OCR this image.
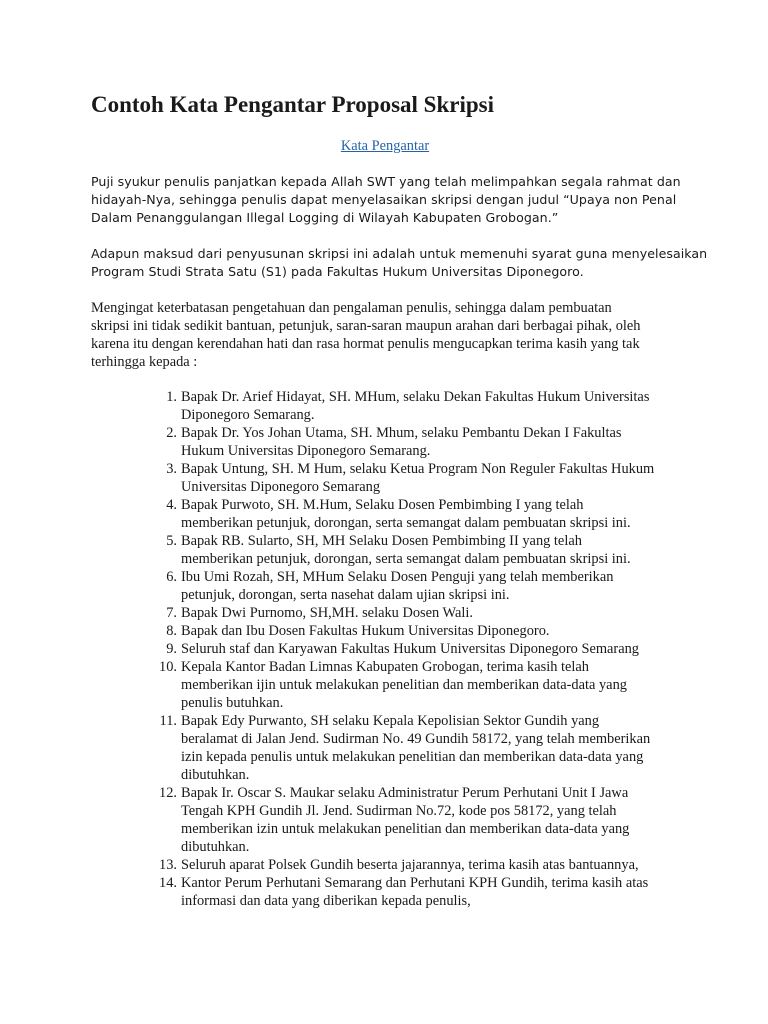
Contoh Kata Pengantar Proposal Skripsi
Kata Pengantar

Puji syukur penulis panjatkan kepada Allah SWT yang telah melimpahkan segala rahmat dan
hidayah-Nya, sehingga penulis dapat menyelasaikan skripsi dengan judul “Upaya non Penal
Dalam Penanggulangan Illegal Logging di Wilayah Kabupaten Grobogan.”

Adapun maksud dari penyusunan skripsi ini adalah untuk memenuhi syarat guna menyelesaikan
Program Studi Strata Satu (S1) pada Fakultas Hukum Universitas Diponegoro.

Mengingat keterbatasan pengetahuan dan pengalaman penulis, sehingga dalam pembuatan
skripsi ini tidak sedikit bantuan, petunjuk, saran-saran maupun arahan dari berbagai pihak, oleh
karena itu dengan kerendahan hati dan rasa hormat penulis mengucapkan terima kasih yang tak
terhingga kepada :

1. Bapak Dr. Arief Hidayat, SH. MHum, selaku Dekan Fakultas Hukum Universitas
Diponegoro Semarang.
2. Bapak Dr. Yos Johan Utama, SH. Mhum, selaku Pembantu Dekan I Fakultas
Hukum Universitas Diponegoro Semarang.
3. Bapak Untung, SH. M Hum, selaku Ketua Program Non Reguler Fakultas Hukum
Universitas Diponegoro Semarang
4. Bapak Purwoto, SH. M.Hum, Selaku Dosen Pembimbing I yang telah
memberikan petunjuk, dorongan, serta semangat dalam pembuatan skripsi ini.
5. Bapak RB. Sularto, SH, MH Selaku Dosen Pembimbing II yang telah
memberikan petunjuk, dorongan, serta semangat dalam pembuatan skripsi ini.
6. Ibu Umi Rozah, SH, MHum Selaku Dosen Penguji yang telah memberikan
petunjuk, dorongan, serta nasehat dalam ujian skripsi ini.
7. Bapak Dwi Purnomo, SH,MH. selaku Dosen Wali.
8. Bapak dan Ibu Dosen Fakultas Hukum Universitas Diponegoro.
9. Seluruh staf dan Karyawan Fakultas Hukum Universitas Diponegoro Semarang
10. Kepala Kantor Badan Limnas Kabupaten Grobogan, terima kasih telah
memberikan ijin untuk melakukan penelitian dan memberikan data-data yang
penulis butuhkan.
11. Bapak Edy Purwanto, SH selaku Kepala Kepolisian Sektor Gundih yang
beralamat di Jalan Jend. Sudirman No. 49 Gundih 58172, yang telah memberikan
izin kepada penulis untuk melakukan penelitian dan memberikan data-data yang
dibutuhkan.
12. Bapak Ir. Oscar S. Maukar selaku Administratur Perum Perhutani Unit I Jawa
Tengah KPH Gundih Jl. Jend. Sudirman No.72, kode pos 58172, yang telah
memberikan izin untuk melakukan penelitian dan memberikan data-data yang
dibutuhkan.
13. Seluruh aparat Polsek Gundih beserta jajarannya, terima kasih atas bantuannya,
14. Kantor Perum Perhutani Semarang dan Perhutani KPH Gundih, terima kasih atas
informasi dan data yang diberikan kepada penulis,
